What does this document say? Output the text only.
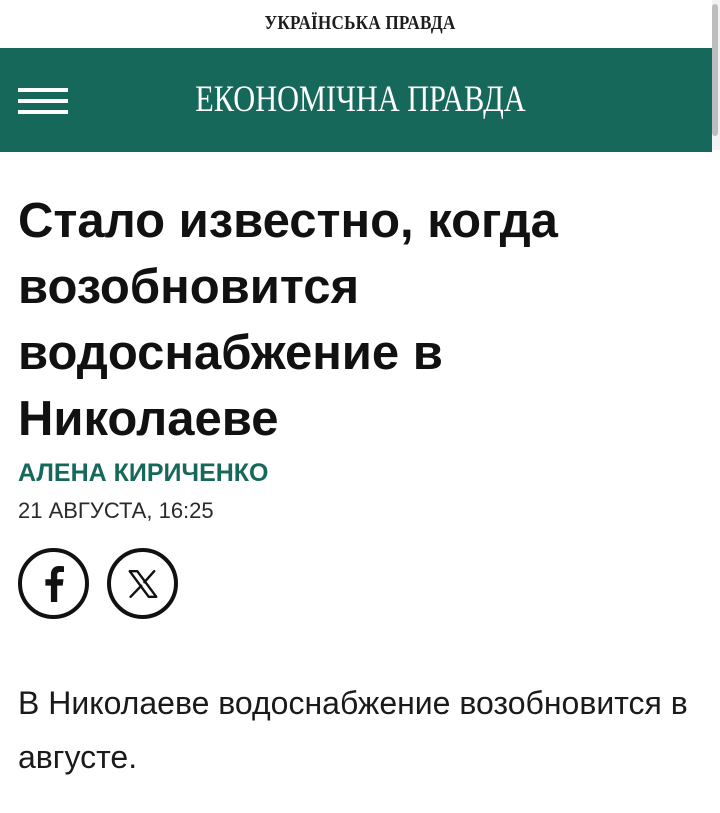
УКРАЇНСЬКА ПРАВДА
ЕКОНОМІЧНА ПРАВДА
Стало известно, когда возобновится водоснабжение в Николаеве
АЛЕНА КИРИЧЕНКО
21 АВГУСТА, 16:25

В Николаеве водоснабжение возобновится в августе.
